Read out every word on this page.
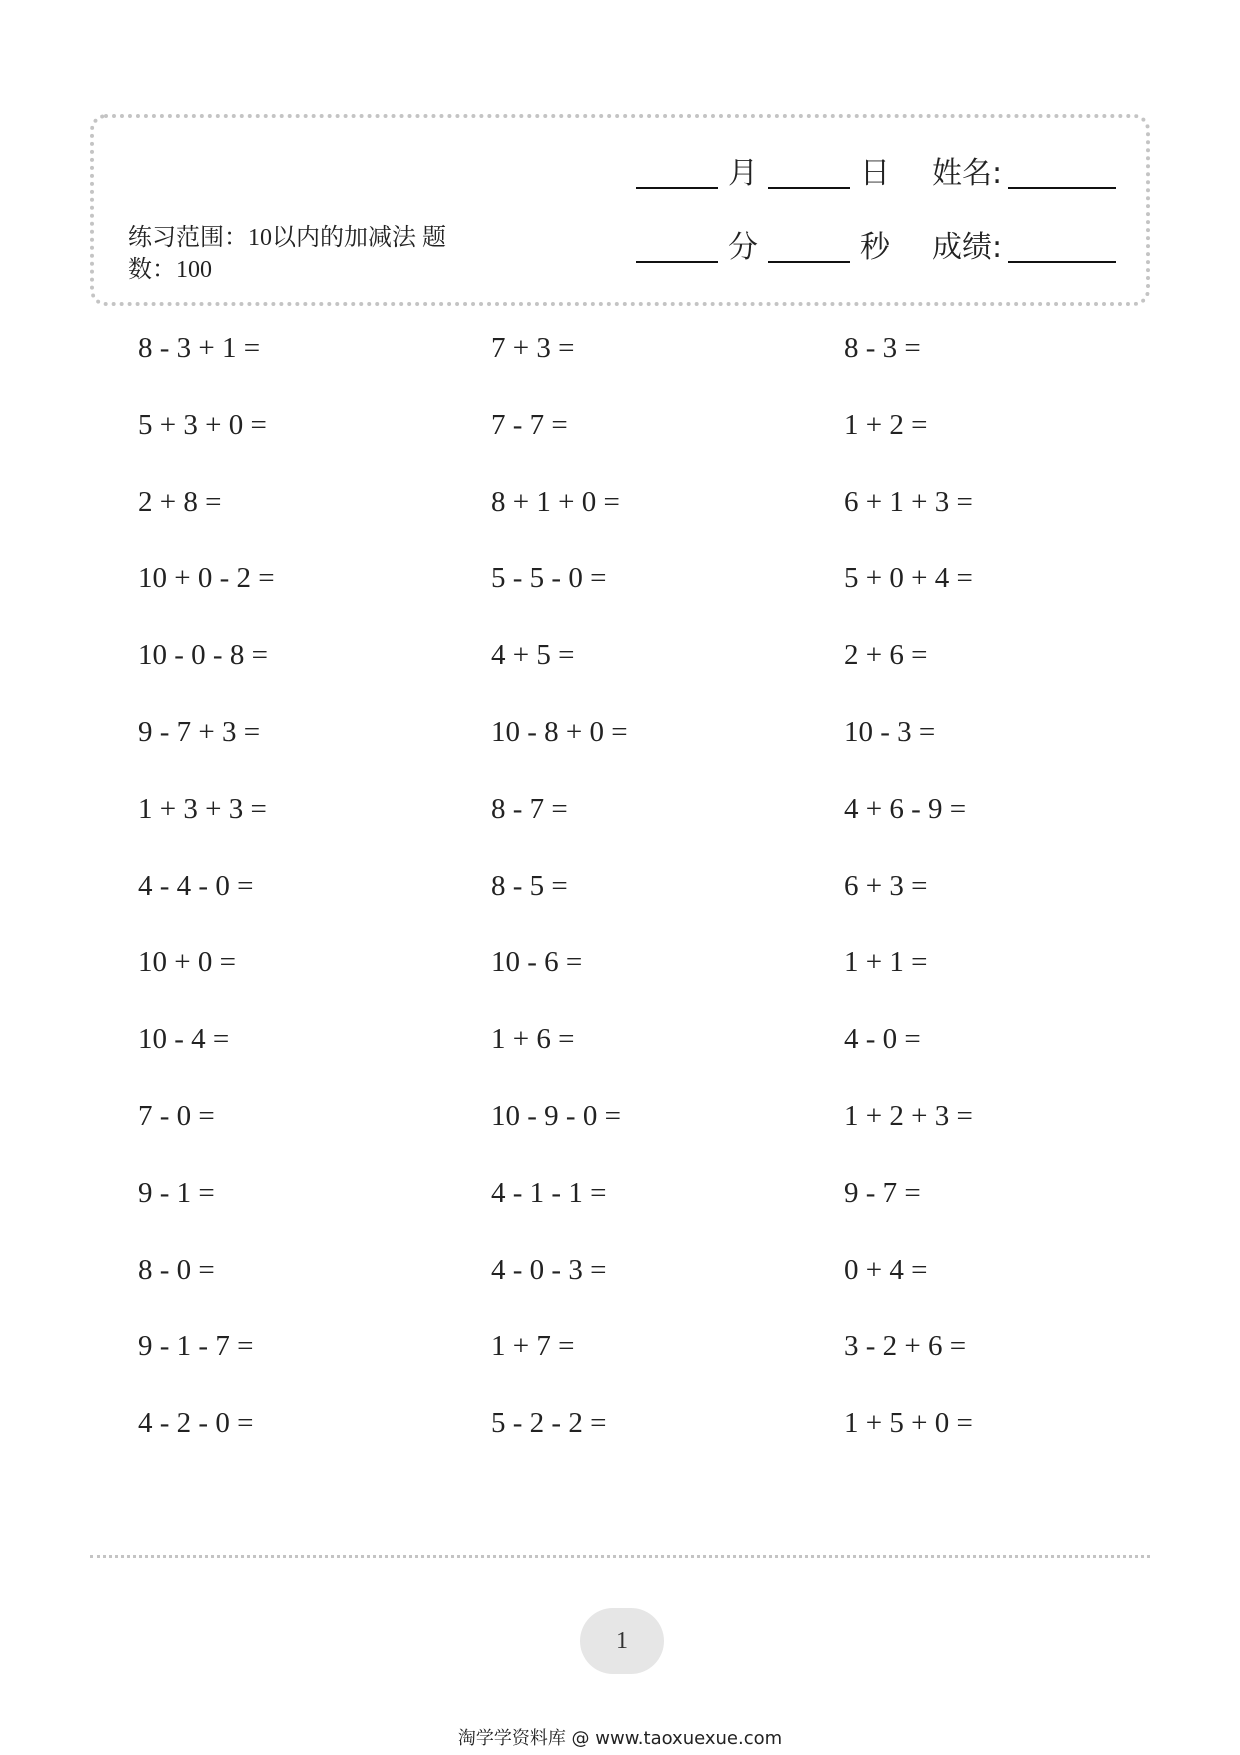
练习范围：10以内的加减法 题数：100
月	日 姓名:
分	秒 成绩:
8 - 3 + 1 =	7 + 3 =	8 - 3 =
5 + 3 + 0 =	7 - 7 =	1 + 2 =
2 + 8 =	8 + 1 + 0 =	6 + 1 + 3 =
10 + 0 - 2 =	5 - 5 - 0 =	5 + 0 + 4 =
10 - 0 - 8 =	4 + 5 =	2 + 6 =
9 - 7 + 3 =	10 - 8 + 0 =	10 - 3 =
1 + 3 + 3 =	8 - 7 =	4 + 6 - 9 =
4 - 4 - 0 =	8 - 5 =	6 + 3 =
10 + 0 =	10 - 6 =	1 + 1 =
10 - 4 =	1 + 6 =	4 - 0 =
7 - 0 =	10 - 9 - 0 =	1 + 2 + 3 =
9 - 1 =	4 - 1 - 1 =	9 - 7 =
8 - 0 =	4 - 0 - 3 =	0 + 4 =
9 - 1 - 7 =	1 + 7 =	3 - 2 + 6 =
4 - 2 - 0 =	5 - 2 - 2 =	1 + 5 + 0 =
1
淘学学资料库 @ www.taoxuexue.com
